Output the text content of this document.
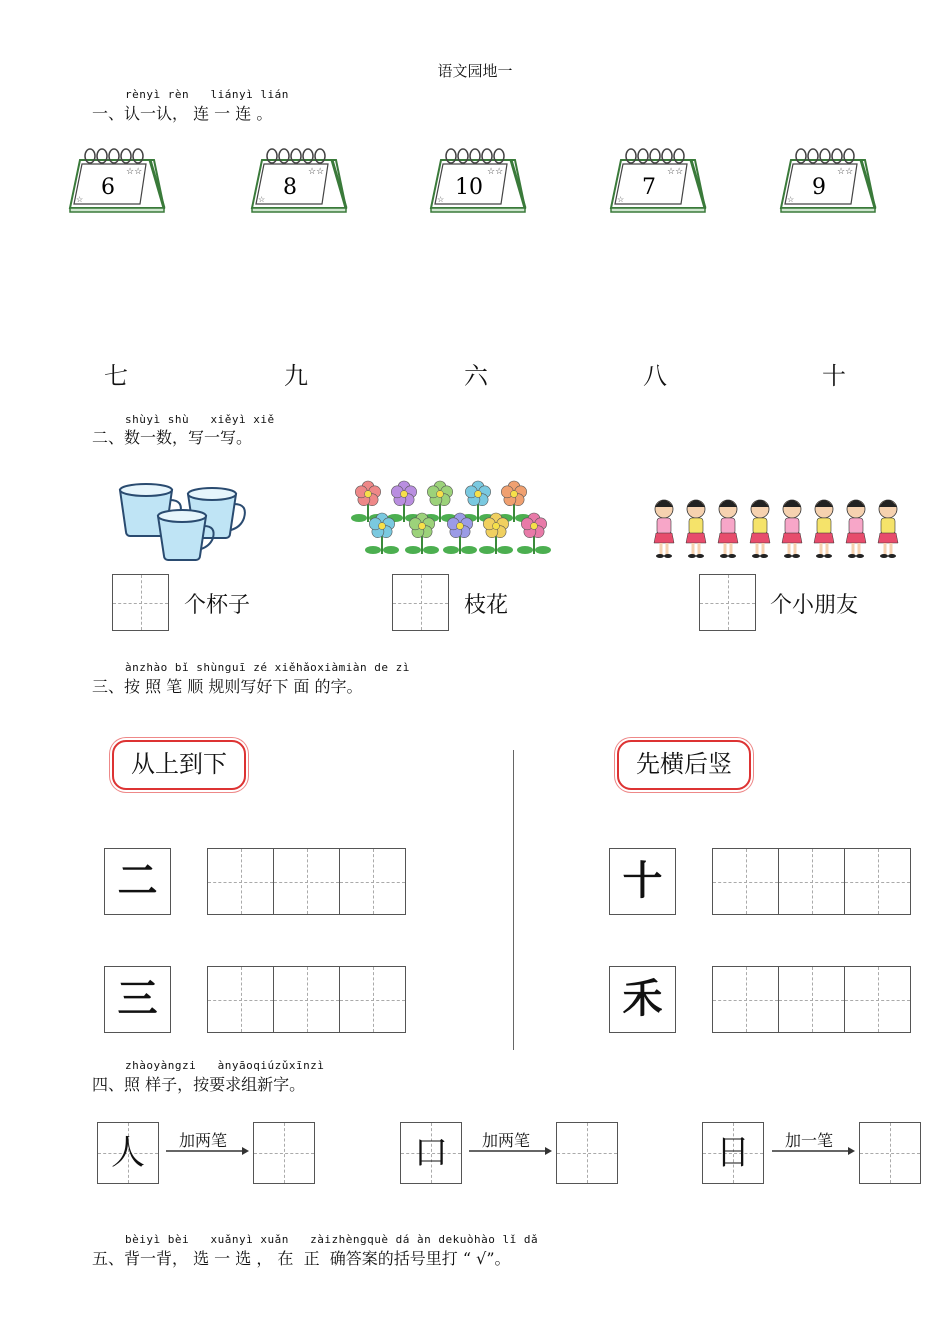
语文园地一
rènyì rèn   liányì lián
一、认一认， 连 一 连 。
☆☆
☆ 6
☆☆
☆ 8
☆☆
☆ 10
☆☆
☆ 7
☆☆
☆ 9
七	九	六	八	十
shùyì shù   xiěyì xiě
二、数一数，写一写。
个杯子	枝花	个小朋友
ànzhào bǐ shùnguī zé xiěhǎoxiàmiàn de zì
三、按 照 笔 顺 规则写好下 面 的字。
从上到下	先横后竖
二
三
十
禾
zhàoyàngzi   ànyāoqiúzǔxīnzì
四、照 样子，按要求组新字。
人	加两笔	口	加两笔	日	加一笔
bèiyì bèi   xuǎnyì xuǎn   zàizhèngquè dá àn dekuòhào lǐ dǎ
五、背一背， 选 一 选 ， 在  正  确答案的括号里打 “ √”。
